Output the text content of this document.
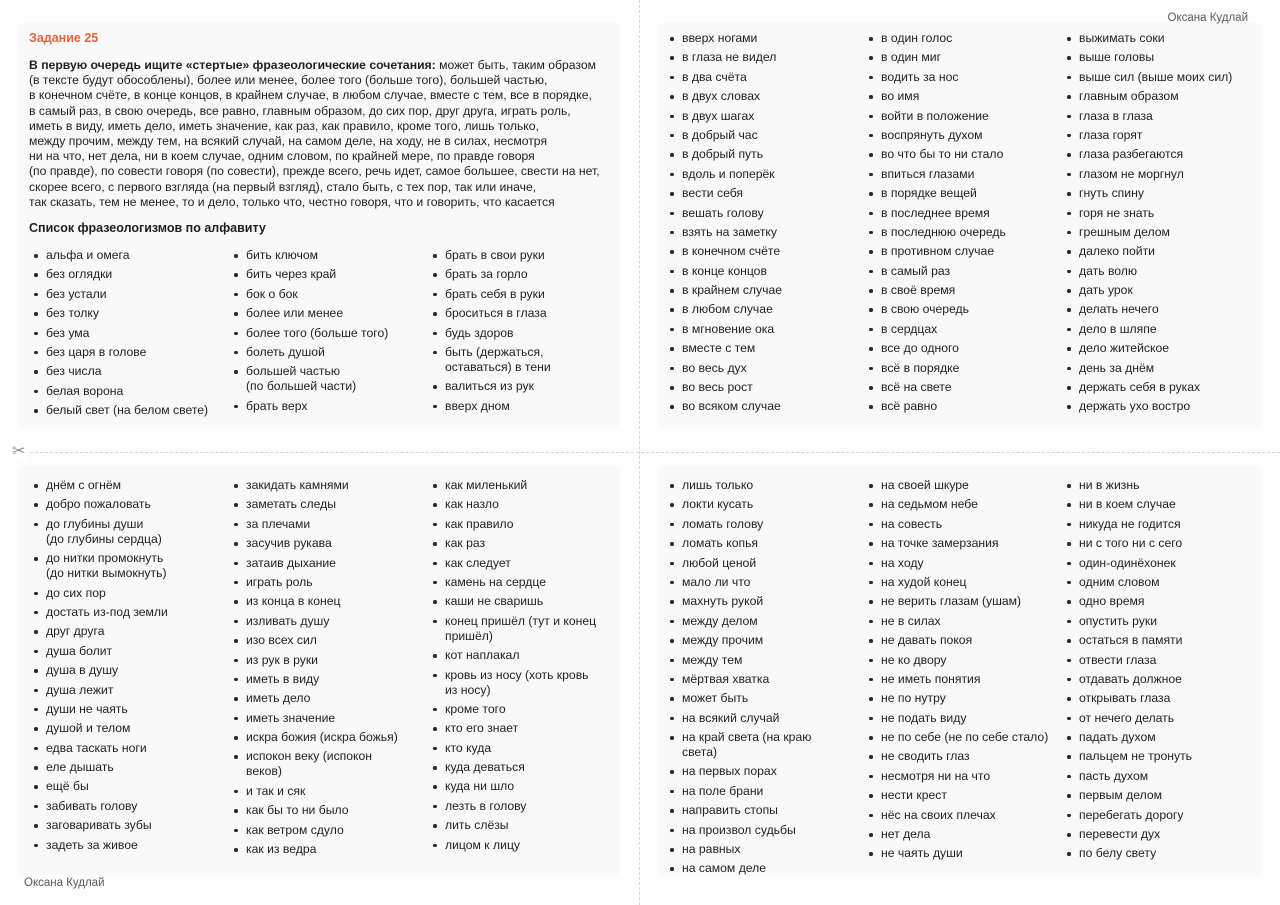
✂
Оксана Кудлай
Оксана Кудлай
Задание 25

В первую очередь ищите «стертые» фразеологические сочетания: может быть, таким образом
(в тексте будут обособлены), более или менее, более того (больше того), большей частью,
в конечном счёте, в конце концов, в крайнем случае, в любом случае, вместе с тем, все в порядке,
в самый раз, в свою очередь, все равно, главным образом, до сих пор, друг друга, играть роль,
иметь в виду, иметь дело, иметь значение, как раз, как правило, кроме того, лишь только,
между прочим, между тем, на всякий случай, на самом деле, на ходу, не в силах, несмотря
ни на что, нет дела, ни в коем случае, одним словом, по крайней мере, по правде говоря
(по правде), по совести говоря (по совести), прежде всего, речь идет, самое большее, свести на нет,
скорее всего, с первого взгляда (на первый взгляд), стало быть, с тех пор, так или иначе,
так сказать, тем не менее, то и дело, только что, честно говоря, что и говорить, что касается

Список фразеологизмов по алфавиту
альфа и омега
без оглядки
без устали
без толку
без ума
без царя в голове
без числа
белая ворона
белый свет (на белом свете)
бить ключом
бить через край
бок о бок
более или менее
более того (больше того)
болеть душой
большей частью
(по большей части)
брать верх
брать в свои руки
брать за горло
брать себя в руки
броситься в глаза
будь здоров
быть (держаться,
оставаться) в тени
валиться из рук
вверх дном
вверх ногами
в глаза не видел
в два счёта
в двух словах
в двух шагах
в добрый час
в добрый путь
вдоль и поперёк
вести себя
вешать голову
взять на заметку
в конечном счёте
в конце концов
в крайнем случае
в любом случае
в мгновение ока
вместе с тем
во весь дух
во весь рост
во всяком случае
в один голос
в один миг
водить за нос
во имя
войти в положение
воспрянуть духом
во что бы то ни стало
впиться глазами
в порядке вещей
в последнее время
в последнюю очередь
в противном случае
в самый раз
в своё время
в свою очередь
в сердцах
все до одного
всё в порядке
всё на свете
всё равно
выжимать соки
выше головы
выше сил (выше моих сил)
главным образом
глаза в глаза
глаза горят
глаза разбегаются
глазом не моргнул
гнуть спину
горя не знать
грешным делом
далеко пойти
дать волю
дать урок
делать нечего
дело в шляпе
дело житейское
день за днём
держать себя в руках
держать ухо востро
днём с огнём
добро пожаловать
до глубины души
(до глубины сердца)
до нитки промокнуть
(до нитки вымокнуть)
до сих пор
достать из-под земли
друг друга
душа болит
душа в душу
душа лежит
души не чаять
душой и телом
едва таскать ноги
еле дышать
ещё бы
забивать голову
заговаривать зубы
задеть за живое
закидать камнями
заметать следы
за плечами
засучив рукава
затаив дыхание
играть роль
из конца в конец
изливать душу
изо всех сил
из рук в руки
иметь в виду
иметь дело
иметь значение
искра божия (искра божья)
испокон веку (испокон
веков)
и так и сяк
как бы то ни было
как ветром сдуло
как из ведра
как миленький
как назло
как правило
как раз
как следует
камень на сердце
каши не сваришь
конец пришёл (тут и конец
пришёл)
кот наплакал
кровь из носу (хоть кровь
из носу)
кроме того
кто его знает
кто куда
куда деваться
куда ни шло
лезть в голову
лить слёзы
лицом к лицу
лишь только
локти кусать
ломать голову
ломать копья
любой ценой
мало ли что
махнуть рукой
между делом
между прочим
между тем
мёртвая хватка
может быть
на всякий случай
на край света (на краю
света)
на первых порах
на поле брани
направить стопы
на произвол судьбы
на равных
на самом деле
на своей шкуре
на седьмом небе
на совесть
на точке замерзания
на ходу
на худой конец
не верить глазам (ушам)
не в силах
не давать покоя
не ко двору
не иметь понятия
не по нутру
не подать виду
не по себе (не по себе стало)
не сводить глаз
несмотря ни на что
нести крест
нёс на своих плечах
нет дела
не чаять души
ни в жизнь
ни в коем случае
никуда не годится
ни с того ни с сего
один-одинёхонек
одним словом
одно время
опустить руки
остаться в памяти
отвести глаза
отдавать должное
открывать глаза
от нечего делать
падать духом
пальцем не тронуть
пасть духом
первым делом
перебегать дорогу
перевести дух
по белу свету
